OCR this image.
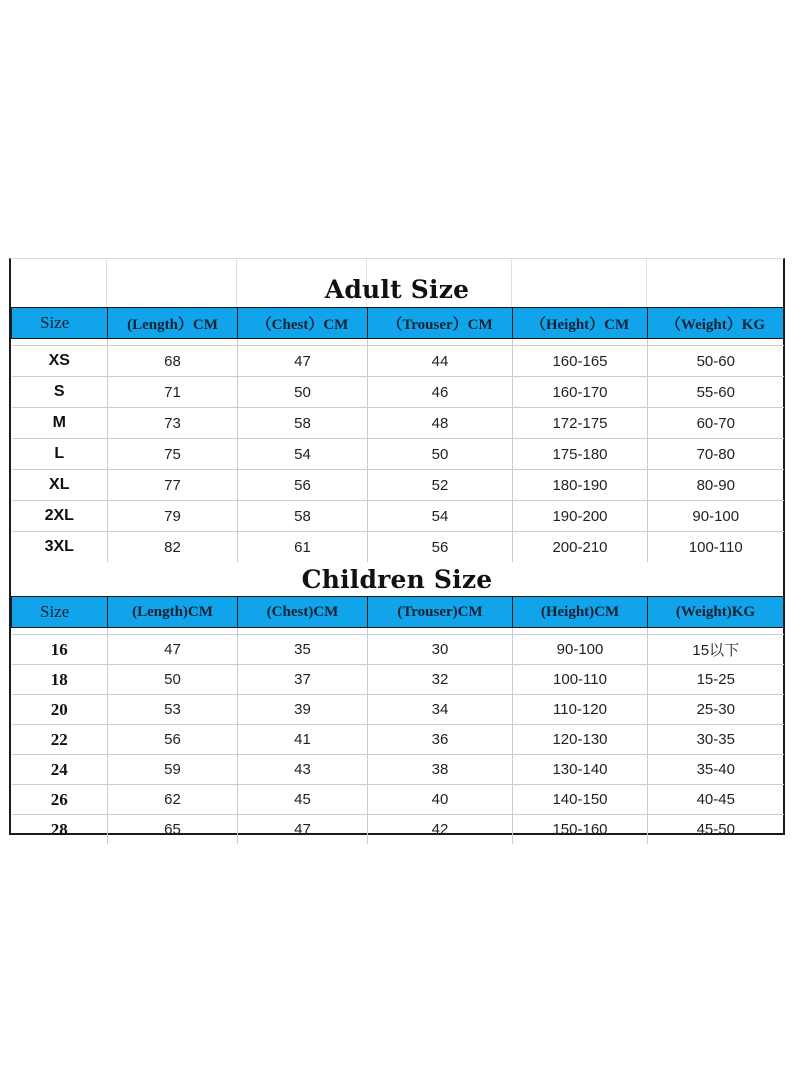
Adult Size
Size	(Length）CM	（Chest）CM	（Trouser）CM	（Height）CM	（Weight）KG

XS	68	47	44	160-165	50-60
S	71	50	46	160-170	55-60
M	73	58	48	172-175	60-70
L	75	54	50	175-180	70-80
XL	77	56	52	180-190	80-90
2XL	79	58	54	190-200	90-100
3XL	82	61	56	200-210	100-110
Children Size
Size	(Length)CM	(Chest)CM	(Trouser)CM	(Height)CM	(Weight)KG

16	47	35	30	90-100	15以下
18	50	37	32	100-110	15-25
20	53	39	34	110-120	25-30
22	56	41	36	120-130	30-35
24	59	43	38	130-140	35-40
26	62	45	40	140-150	40-45
28	65	47	42	150-160	45-50
